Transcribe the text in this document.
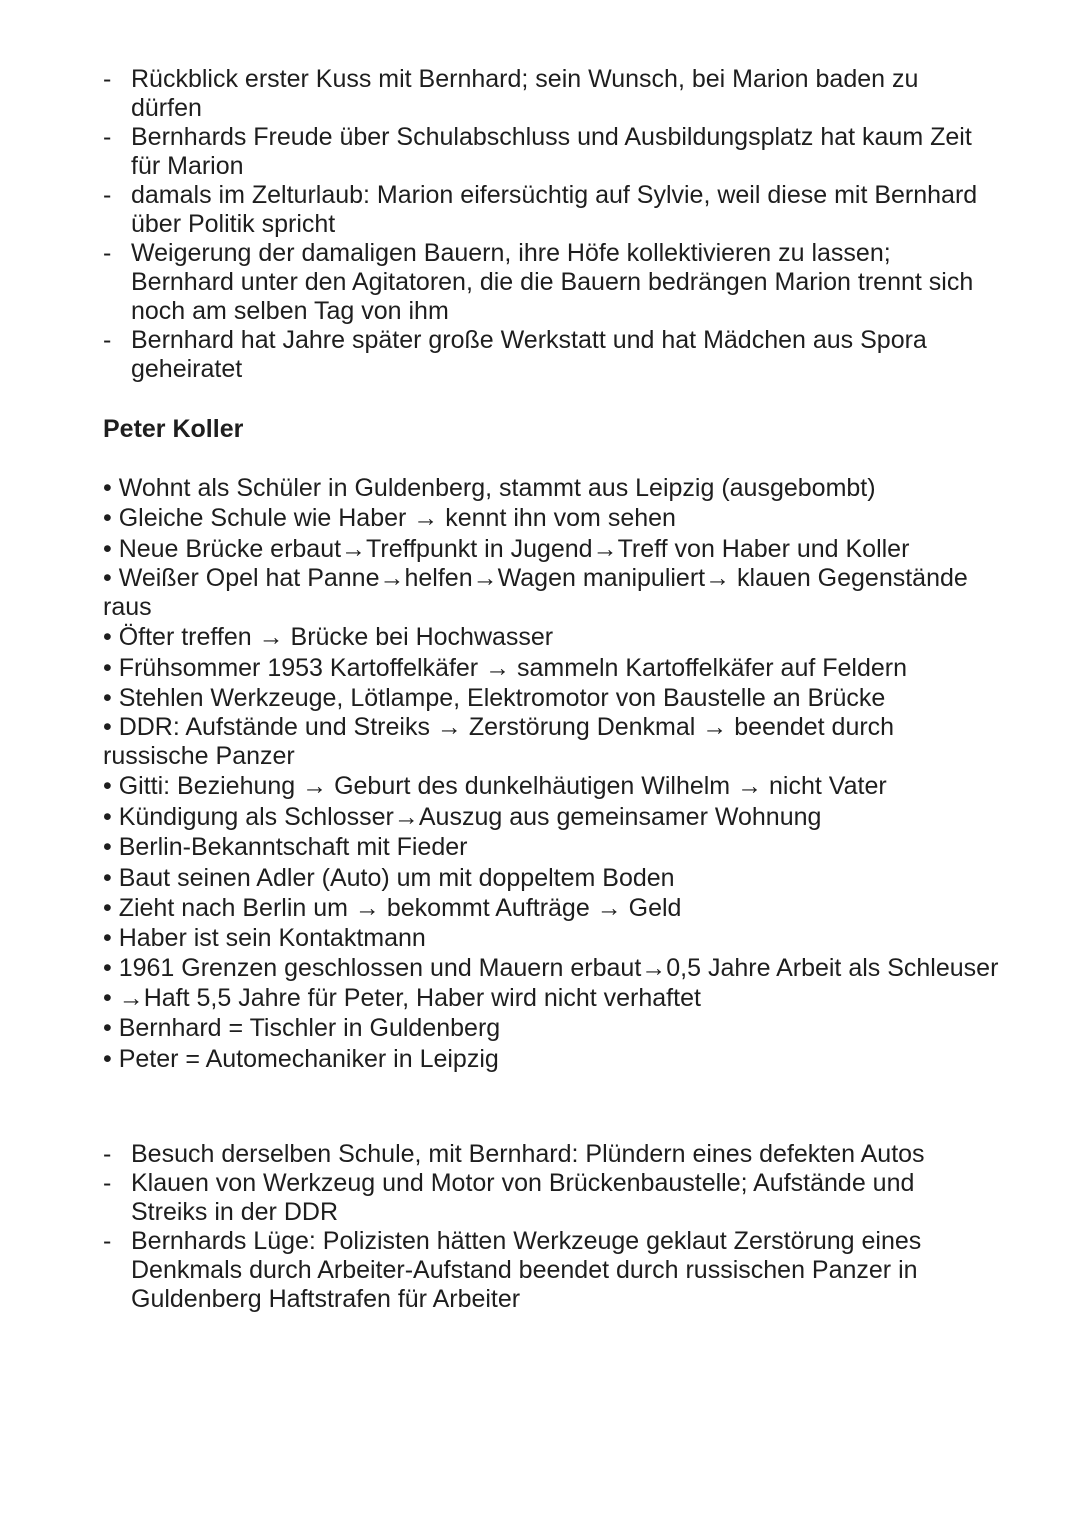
- Rückblick erster Kuss mit Bernhard; sein Wunsch, bei Marion baden zu dürfen
- Bernhards Freude über Schulabschluss und Ausbildungsplatz hat kaum Zeit für Marion
- damals im Zelturlaub: Marion eifersüchtig auf Sylvie, weil diese mit Bernhard über Politik spricht
- Weigerung der damaligen Bauern, ihre Höfe kollektivieren zu lassen; Bernhard unter den Agitatoren, die die Bauern bedrängen Marion trennt sich noch am selben Tag von ihm
- Bernhard hat Jahre später große Werkstatt und hat Mädchen aus Spora geheiratet
Peter Koller
• Wohnt als Schüler in Guldenberg, stammt aus Leipzig (ausgebombt)
• Gleiche Schule wie Haber → kennt ihn vom sehen
• Neue Brücke erbaut→Treffpunkt in Jugend→Treff von Haber und Koller
• Weißer Opel hat Panne→helfen→Wagen manipuliert→ klauen Gegenstände raus
• Öfter treffen → Brücke bei Hochwasser
• Frühsommer 1953 Kartoffelkäfer → sammeln Kartoffelkäfer auf Feldern
• Stehlen Werkzeuge, Lötlampe, Elektromotor von Baustelle an Brücke
• DDR: Aufstände und Streiks → Zerstörung Denkmal → beendet durch russische Panzer
• Gitti: Beziehung → Geburt des dunkelhäutigen Wilhelm → nicht Vater
• Kündigung als Schlosser→Auszug aus gemeinsamer Wohnung
• Berlin-Bekanntschaft mit Fieder
• Baut seinen Adler (Auto) um mit doppeltem Boden
• Zieht nach Berlin um → bekommt Aufträge → Geld
• Haber ist sein Kontaktmann
• 1961 Grenzen geschlossen und Mauern erbaut→0,5 Jahre Arbeit als Schleuser
• →Haft 5,5 Jahre für Peter, Haber wird nicht verhaftet
• Bernhard = Tischler in Guldenberg
• Peter = Automechaniker in Leipzig
- Besuch derselben Schule, mit Bernhard: Plündern eines defekten Autos
- Klauen von Werkzeug und Motor von Brückenbaustelle; Aufstände und Streiks in der DDR
- Bernhards Lüge: Polizisten hätten Werkzeuge geklaut Zerstörung eines Denkmals durch Arbeiter-Aufstand beendet durch russischen Panzer in Guldenberg Haftstrafen für Arbeiter
